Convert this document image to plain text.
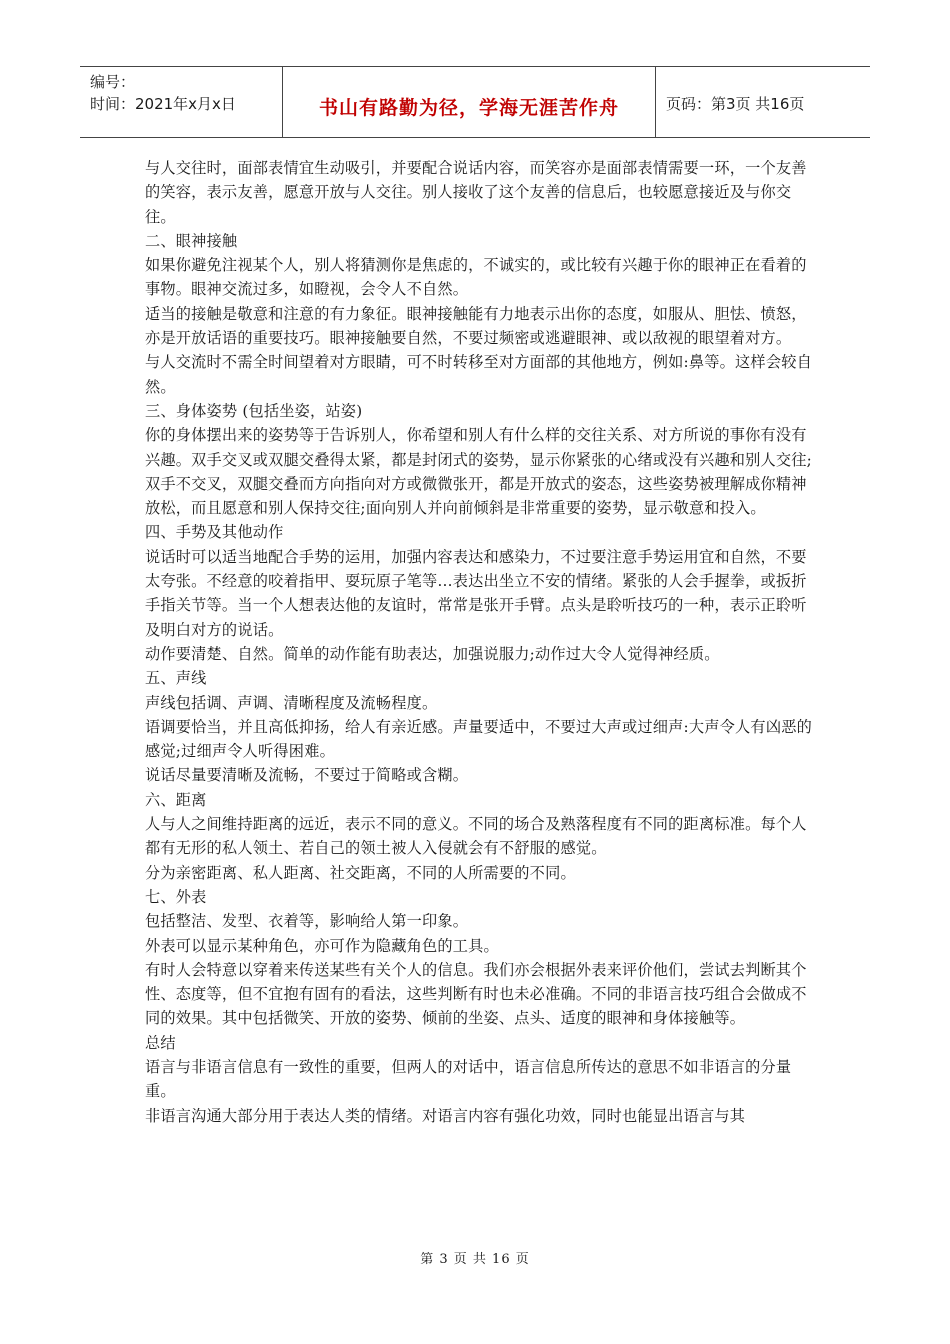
编号：
时间：2021年x月x日	书山有路勤为径，学海无涯苦作舟	页码：第3页 共16页

与人交往时，面部表情宜生动吸引，并要配合说话内容，而笑容亦是面部表情需要一环，一个友善的笑容，表示友善，愿意开放与人交往。别人接收了这个友善的信息后，也较愿意接近及与你交往。

二、眼神接触

如果你避免注视某个人，别人将猜测你是焦虑的，不诚实的，或比较有兴趣于你的眼神正在看着的事物。眼神交流过多，如瞪视，会令人不自然。

适当的接触是敬意和注意的有力象征。眼神接触能有力地表示出你的态度，如服从、胆怯、愤怒，亦是开放话语的重要技巧。眼神接触要自然，不要过频密或逃避眼神、或以敌视的眼望着对方。

与人交流时不需全时间望着对方眼睛，可不时转移至对方面部的其他地方，例如:鼻等。这样会较自然。

三、身体姿势 (包括坐姿，站姿)

你的身体摆出来的姿势等于告诉别人，你希望和别人有什么样的交往关系、对方所说的事你有没有兴趣。双手交叉或双腿交叠得太紧，都是封闭式的姿势，显示你紧张的心绪或没有兴趣和别人交往;双手不交叉，双腿交叠而方向指向对方或微微张开，都是开放式的姿态，这些姿势被理解成你精神放松，而且愿意和别人保持交往;面向别人并向前倾斜是非常重要的姿势，显示敬意和投入。

四、手势及其他动作

说话时可以适当地配合手势的运用，加强内容表达和感染力，不过要注意手势运用宜和自然，不要太夸张。不经意的咬着指甲、耍玩原子笔等…表达出坐立不安的情绪。紧张的人会手握拳，或扳折手指关节等。当一个人想表达他的友谊时，常常是张开手臂。点头是聆听技巧的一种，表示正聆听及明白对方的说话。

动作要清楚、自然。简单的动作能有助表达，加强说服力;动作过大令人觉得神经质。

五、声线

声线包括调、声调、清晰程度及流畅程度。

语调要恰当，并且高低抑扬，给人有亲近感。声量要适中，不要过大声或过细声:大声令人有凶恶的感觉;过细声令人听得困难。

说话尽量要清晰及流畅，不要过于简略或含糊。

六、距离

人与人之间维持距离的远近，表示不同的意义。不同的场合及熟落程度有不同的距离标准。每个人都有无形的私人领土、若自己的领土被人入侵就会有不舒服的感觉。

分为亲密距离、私人距离、社交距离，不同的人所需要的不同。

七、外表

包括整洁、发型、衣着等，影响给人第一印象。

外表可以显示某种角色，亦可作为隐藏角色的工具。

有时人会特意以穿着来传送某些有关个人的信息。我们亦会根据外表来评价他们，尝试去判断其个性、态度等，但不宜抱有固有的看法，这些判断有时也未必准确。不同的非语言技巧组合会做成不同的效果。其中包括微笑、开放的姿势、倾前的坐姿、点头、适度的眼神和身体接触等。

总结

语言与非语言信息有一致性的重要，但两人的对话中，语言信息所传达的意思不如非语言的分量重。

非语言沟通大部分用于表达人类的情绪。对语言内容有强化功效，同时也能显出语言与其

第 3 页 共 16 页
